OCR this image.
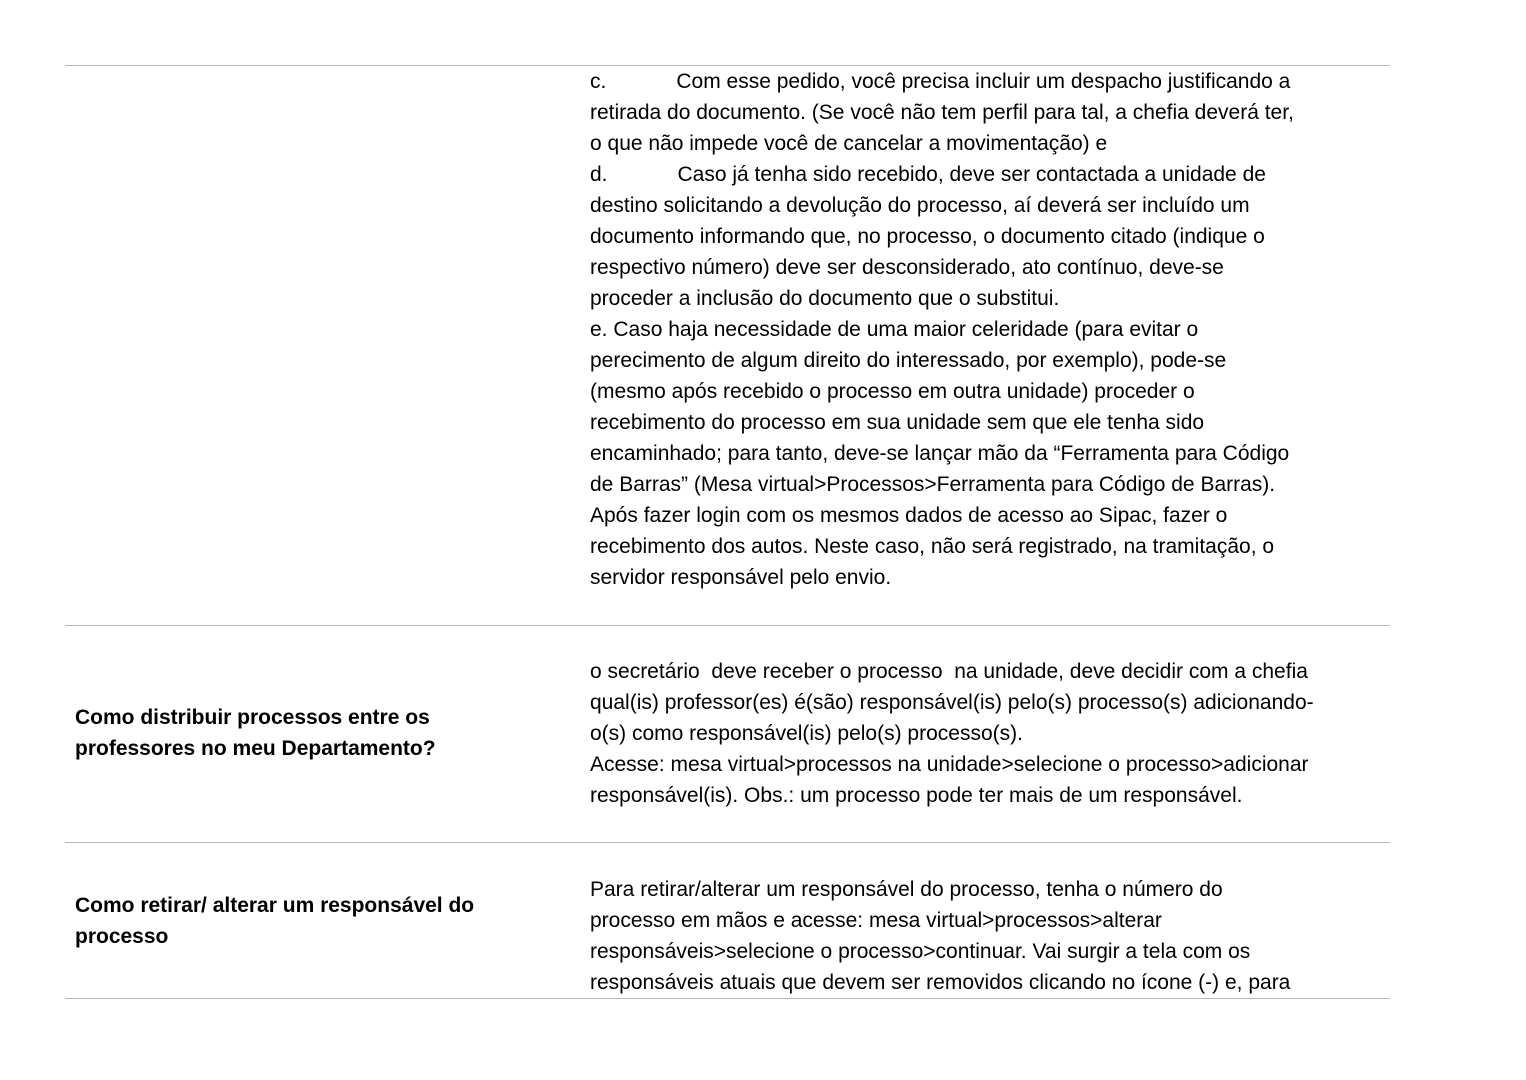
c.	Com esse pedido, você precisa incluir um despacho justificando a

retirada do documento. (Se você não tem perfil para tal, a chefia deverá ter,

o que não impede você de cancelar a movimentação) e

d.	Caso já tenha sido recebido, deve ser contactada a unidade de

destino solicitando a devolução do processo, aí deverá ser incluído um

documento informando que, no processo, o documento citado (indique o

respectivo número) deve ser desconsiderado, ato contínuo, deve-se

proceder a inclusão do documento que o substitui.

e. Caso haja necessidade de uma maior celeridade (para evitar o

perecimento de algum direito do interessado, por exemplo), pode-se

(mesmo após recebido o processo em outra unidade) proceder o

recebimento do processo em sua unidade sem que ele tenha sido

encaminhado; para tanto, deve-se lançar mão da “Ferramenta para Código

de Barras” (Mesa virtual>Processos>Ferramenta para Código de Barras).

Após fazer login com os mesmos dados de acesso ao Sipac, fazer o

recebimento dos autos. Neste caso, não será registrado, na tramitação, o

servidor responsável pelo envio.

Como distribuir processos entre os
professores no meu Departamento?

o secretário  deve receber o processo  na unidade, deve decidir com a chefia

qual(is) professor(es) é(são) responsável(is) pelo(s) processo(s) adicionando-

o(s) como responsável(is) pelo(s) processo(s).

Acesse: mesa virtual>processos na unidade>selecione o processo>adicionar

responsável(is). Obs.: um processo pode ter mais de um responsável.

Como retirar/ alterar um responsável do
processo

Para retirar/alterar um responsável do processo, tenha o número do

processo em mãos e acesse: mesa virtual>processos>alterar

responsáveis>selecione o processo>continuar. Vai surgir a tela com os

responsáveis atuais que devem ser removidos clicando no ícone (-) e, para
